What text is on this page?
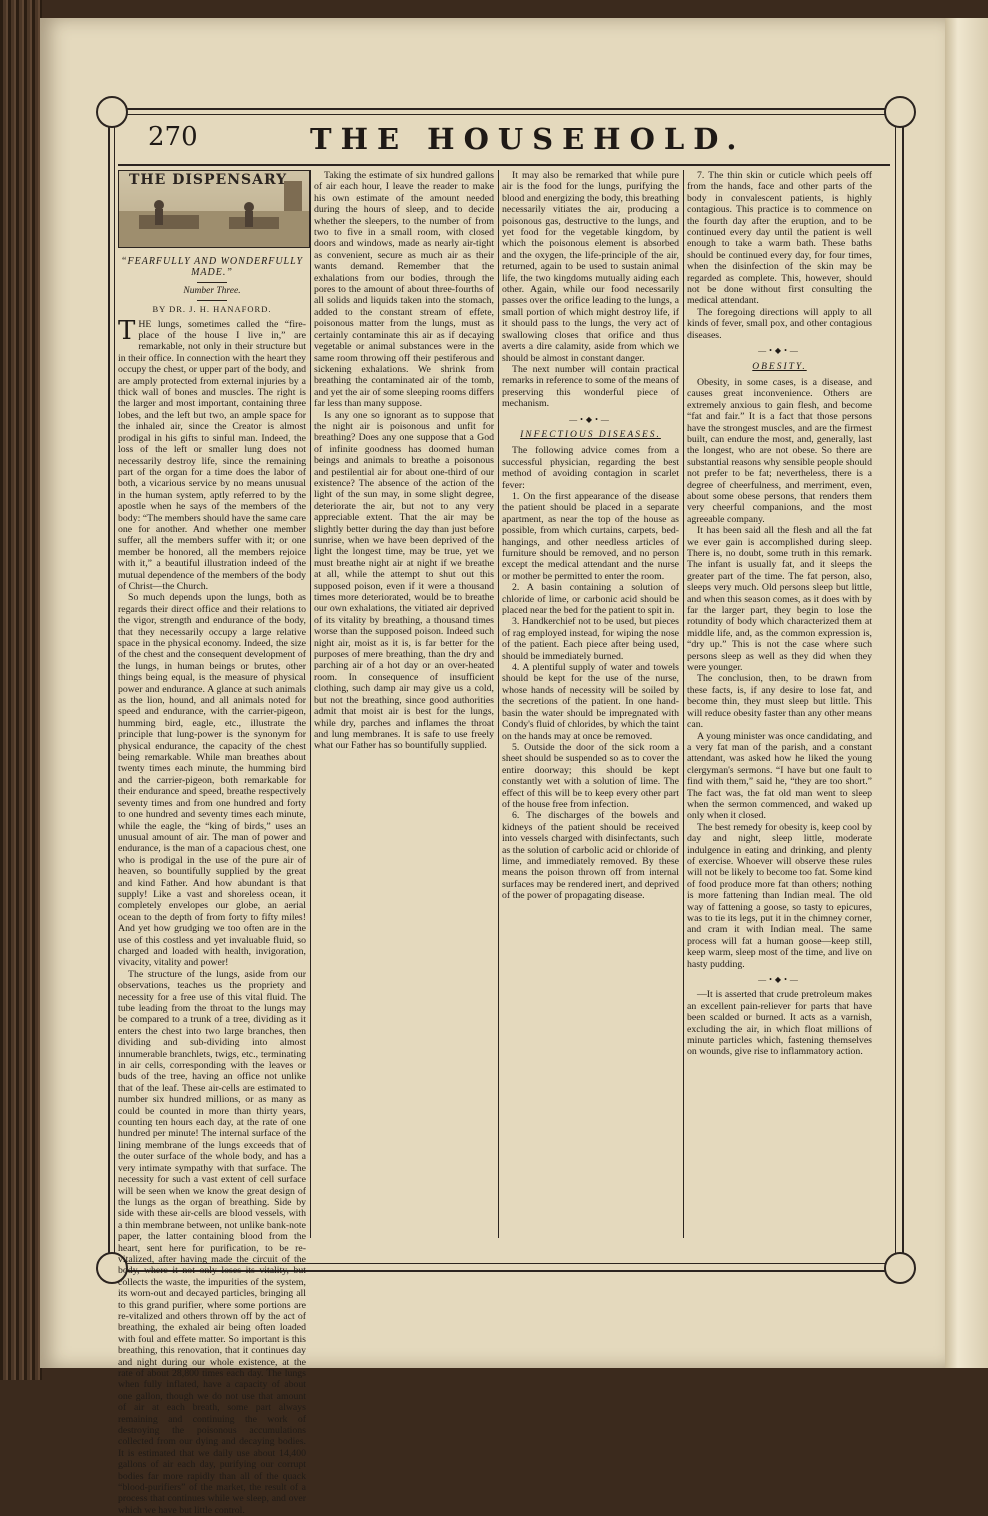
270	THE HOUSEHOLD.
THE DISPENSARY
“FEARFULLY AND WONDERFULLY MADE.”
Number Three.
BY DR. J. H. HANAFORD.

THE lungs, sometimes called the “fire-place of the house I live in,” are remarkable, not only in their structure but in their office. In connection with the heart they occupy the chest, or upper part of the body, and are amply protected from external injuries by a thick wall of bones and muscles. The right is the larger and most important, containing three lobes, and the left but two, an ample space for the inhaled air, since the Creator is almost prodigal in his gifts to sinful man. Indeed, the loss of the left or smaller lung does not necessarily destroy life, since the remaining part of the organ for a time does the labor of both, a vicarious service by no means unusual in the human system, aptly referred to by the apostle when he says of the members of the body: “The members should have the same care one for another. And whether one member suffer, all the members suffer with it; or one member be honored, all the members rejoice with it,” a beautiful illustration indeed of the mutual dependence of the members of the body of Christ—the Church.

So much depends upon the lungs, both as regards their direct office and their relations to the vigor, strength and endurance of the body, that they necessarily occupy a large relative space in the physical economy. Indeed, the size of the chest and the consequent development of the lungs, in human beings or brutes, other things being equal, is the measure of physical power and endurance. A glance at such animals as the lion, hound, and all animals noted for speed and endurance, with the carrier-pigeon, humming bird, eagle, etc., illustrate the principle that lung-power is the synonym for physical endurance, the capacity of the chest being remarkable. While man breathes about twenty times each minute, the humming bird and the carrier-pigeon, both remarkable for their endurance and speed, breathe respectively seventy times and from one hundred and forty to one hundred and seventy times each minute, while the eagle, the “king of birds,” uses an unusual amount of air. The man of power and endurance, is the man of a capacious chest, one who is prodigal in the use of the pure air of heaven, so bountifully supplied by the great and kind Father. And how abundant is that supply! Like a vast and shoreless ocean, it completely envelopes our globe, an aerial ocean to the depth of from forty to fifty miles! And yet how grudging we too often are in the use of this costless and yet invaluable fluid, so charged and loaded with health, invigoration, vivacity, vitality and power!

The structure of the lungs, aside from our observations, teaches us the propriety and necessity for a free use of this vital fluid. The tube leading from the throat to the lungs may be compared to a trunk of a tree, dividing as it enters the chest into two large branches, then dividing and sub-dividing into almost innumerable branchlets, twigs, etc., terminating in air cells, corresponding with the leaves or buds of the tree, having an office not unlike that of the leaf. These air-cells are estimated to number six hundred millions, or as many as could be counted in more than thirty years, counting ten hours each day, at the rate of one hundred per minute! The internal surface of the lining membrane of the lungs exceeds that of the outer surface of the whole body, and has a very intimate sympathy with that surface. The necessity for such a vast extent of cell surface will be seen when we know the great design of the lungs as the organ of breathing. Side by side with these air-cells are blood vessels, with a thin membrane between, not unlike bank-note paper, the latter containing blood from the heart, sent here for purification, to be re-vitalized, after having made the circuit of the body, where it not only loses its vitality, but collects the waste, the impurities of the system, its worn-out and decayed particles, bringing all to this grand purifier, where some portions are re-vitalized and others thrown off by the act of breathing, the exhaled air being often loaded with foul and effete matter. So important is this breathing, this renovation, that it continues day and night during our whole existence, at the rate of about 28,800 times each day. The lungs when fully inflated, have a capacity of about one gallon, though we do not use that amount of air at each breath, some part always remaining and continuing the work of destroying the poisonous accumulations collected from our dying and decaying bodies. It is estimated that we daily use about 14,400 gallons of air each day, purifying our corrupt bodies far more rapidly than all of the quack “blood-purifiers” of the market, the result of a process that continues while we sleep, and over which we have but little control.

Taking the estimate of six hundred gallons of air each hour, I leave the reader to make his own estimate of the amount needed during the hours of sleep, and to decide whether the sleepers, to the number of from two to five in a small room, with closed doors and windows, made as nearly air-tight as convenient, secure as much air as their wants demand. Remember that the exhalations from our bodies, through the pores to the amount of about three-fourths of all solids and liquids taken into the stomach, added to the constant stream of effete, poisonous matter from the lungs, must as certainly contaminate this air as if decaying vegetable or animal substances were in the same room throwing off their pestiferous and sickening exhalations. We shrink from breathing the contaminated air of the tomb, and yet the air of some sleeping rooms differs far less than many suppose.

Is any one so ignorant as to suppose that the night air is poisonous and unfit for breathing? Does any one suppose that a God of infinite goodness has doomed human beings and animals to breathe a poisonous and pestilential air for about one-third of our existence? The absence of the action of the light of the sun may, in some slight degree, deteriorate the air, but not to any very appreciable extent. That the air may be slightly better during the day than just before sunrise, when we have been deprived of the light the longest time, may be true, yet we must breathe night air at night if we breathe at all, while the attempt to shut out this supposed poison, even if it were a thousand times more deteriorated, would be to breathe our own exhalations, the vitiated air deprived of its vitality by breathing, a thousand times worse than the supposed poison. Indeed such night air, moist as it is, is far better for the purposes of mere breathing, than the dry and parching air of a hot day or an over-heated room. In consequence of insufficient clothing, such damp air may give us a cold, but not the breathing, since good authorities admit that moist air is best for the lungs, while dry, parches and inflames the throat and lung membranes. It is safe to use freely what our Father has so bountifully supplied.

It may also be remarked that while pure air is the food for the lungs, purifying the blood and energizing the body, this breathing necessarily vitiates the air, producing a poisonous gas, destructive to the lungs, and yet food for the vegetable kingdom, by which the poisonous element is absorbed and the oxygen, the life-principle of the air, returned, again to be used to sustain animal life, the two kingdoms mutually aiding each other. Again, while our food necessarily passes over the orifice leading to the lungs, a small portion of which might destroy life, if it should pass to the lungs, the very act of swallowing closes that orifice and thus averts a dire calamity, aside from which we should be almost in constant danger.

The next number will contain practical remarks in reference to some of the means of preserving this wonderful piece of mechanism.

—•◆•—
INFECTIOUS DISEASES.

The following advice comes from a successful physician, regarding the best method of avoiding contagion in scarlet fever:

1. On the first appearance of the disease the patient should be placed in a separate apartment, as near the top of the house as possible, from which curtains, carpets, bed-hangings, and other needless articles of furniture should be removed, and no person except the medical attendant and the nurse or mother be permitted to enter the room.

2. A basin containing a solution of chloride of lime, or carbonic acid should be placed near the bed for the patient to spit in.

3. Handkerchief not to be used, but pieces of rag employed instead, for wiping the nose of the patient. Each piece after being used, should be immediately burned.

4. A plentiful supply of water and towels should be kept for the use of the nurse, whose hands of necessity will be soiled by the secretions of the patient. In one hand-basin the water should be impregnated with Condy's fluid of chlorides, by which the taint on the hands may at once be removed.

5. Outside the door of the sick room a sheet should be suspended so as to cover the entire doorway; this should be kept constantly wet with a solution of lime. The effect of this will be to keep every other part of the house free from infection.

6. The discharges of the bowels and kidneys of the patient should be received into vessels charged with disinfectants, such as the solution of carbolic acid or chloride of lime, and immediately removed. By these means the poison thrown off from internal surfaces may be rendered inert, and deprived of the power of propagating disease.

7. The thin skin or cuticle which peels off from the hands, face and other parts of the body in convalescent patients, is highly contagious. This practice is to commence on the fourth day after the eruption, and to be continued every day until the patient is well enough to take a warm bath. These baths should be continued every day, for four times, when the disinfection of the skin may be regarded as complete. This, however, should not be done without first consulting the medical attendant.

The foregoing directions will apply to all kinds of fever, small pox, and other contagious diseases.

—•◆•—
OBESITY.

Obesity, in some cases, is a disease, and causes great inconvenience. Others are extremely anxious to gain flesh, and become “fat and fair.” It is a fact that those persons have the strongest muscles, and are the firmest built, can endure the most, and, generally, last the longest, who are not obese. So there are substantial reasons why sensible people should not prefer to be fat; nevertheless, there is a degree of cheerfulness, and merriment, even, about some obese persons, that renders them very cheerful companions, and the most agreeable company.

It has been said all the flesh and all the fat we ever gain is accomplished during sleep. There is, no doubt, some truth in this remark. The infant is usually fat, and it sleeps the greater part of the time. The fat person, also, sleeps very much. Old persons sleep but little, and when this season comes, as it does with by far the larger part, they begin to lose the rotundity of body which characterized them at middle life, and, as the common expression is, “dry up.” This is not the case where such persons sleep as well as they did when they were younger.

The conclusion, then, to be drawn from these facts, is, if any desire to lose fat, and become thin, they must sleep but little. This will reduce obesity faster than any other means can.

A young minister was once candidating, and a very fat man of the parish, and a constant attendant, was asked how he liked the young clergyman's sermons. “I have but one fault to find with them,” said he, “they are too short.” The fact was, the fat old man went to sleep when the sermon commenced, and waked up only when it closed.

The best remedy for obesity is, keep cool by day and night, sleep little, moderate indulgence in eating and drinking, and plenty of exercise. Whoever will observe these rules will not be likely to become too fat. Some kind of food produce more fat than others; nothing is more fattening than Indian meal. The old way of fattening a goose, so tasty to epicures, was to tie its legs, put it in the chimney corner, and cram it with Indian meal. The same process will fat a human goose—keep still, keep warm, sleep most of the time, and live on hasty pudding.

—•◆•—

—It is asserted that crude pretroleum makes an excellent pain-reliever for parts that have been scalded or burned. It acts as a varnish, excluding the air, in which float millions of minute particles which, fastening themselves on wounds, give rise to inflammatory action.
